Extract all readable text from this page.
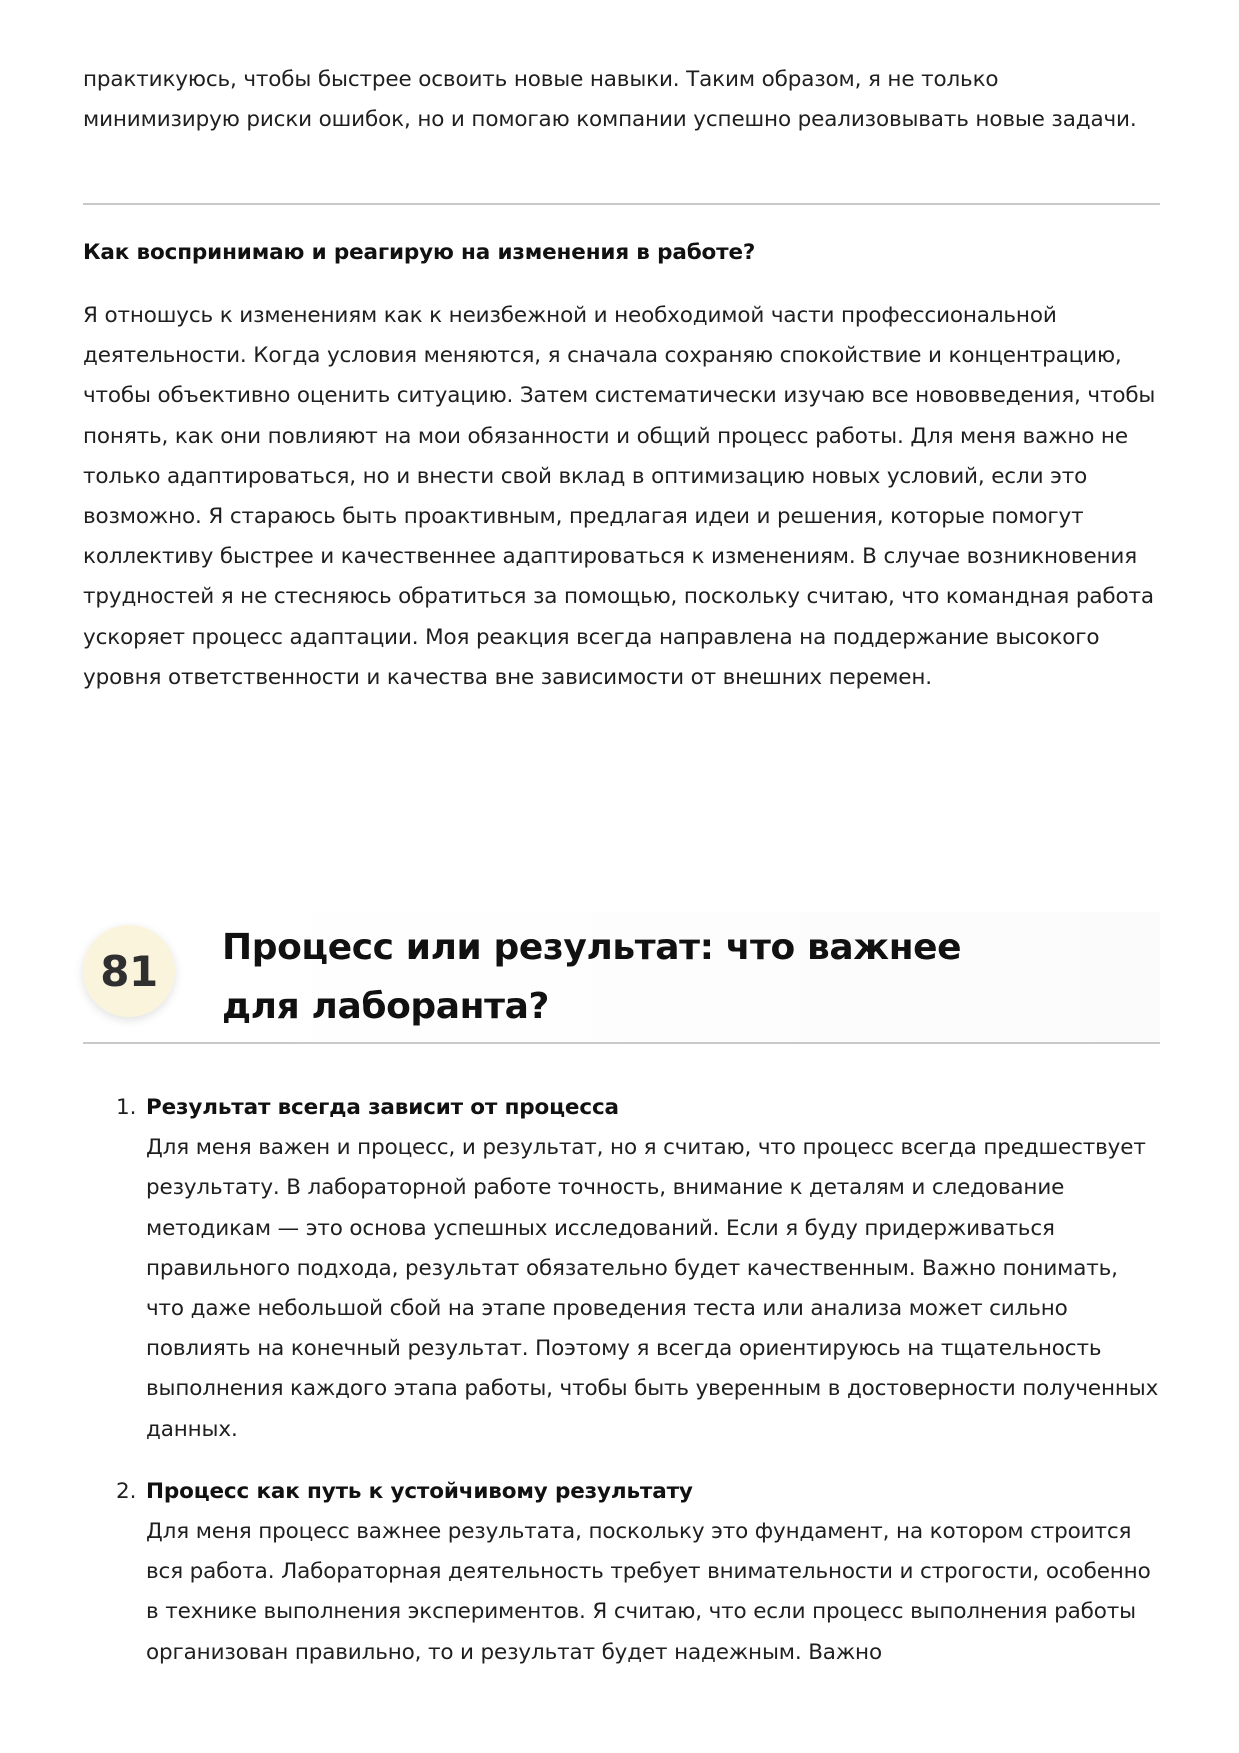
практикуюсь, чтобы быстрее освоить новые навыки. Таким образом, я не только минимизирую риски ошибок, но и помогаю компании успешно реализовывать новые задачи.

Как воспринимаю и реагирую на изменения в работе?

Я отношусь к изменениям как к неизбежной и необходимой части профессиональной деятельности. Когда условия меняются, я сначала сохраняю спокойствие и концентрацию, чтобы объективно оценить ситуацию. Затем систематически изучаю все нововведения, чтобы понять, как они повлияют на мои обязанности и общий процесс работы. Для меня важно не только адаптироваться, но и внести свой вклад в оптимизацию новых условий, если это возможно. Я стараюсь быть проактивным, предлагая идеи и решения, которые помогут коллективу быстрее и качественнее адаптироваться к изменениям. В случае возникновения трудностей я не стесняюсь обратиться за помощью, поскольку считаю, что командная работа ускоряет процесс адаптации. Моя реакция всегда направлена на поддержание высокого уровня ответственности и качества вне зависимости от внешних перемен.

81	Процесс или результат: что важнее для лаборанта?
1. Результат всегда зависит от процесса

Для меня важен и процесс, и результат, но я считаю, что процесс всегда предшествует результату. В лабораторной работе точность, внимание к деталям и следование методикам — это основа успешных исследований. Если я буду придерживаться правильного подхода, результат обязательно будет качественным. Важно понимать, что даже небольшой сбой на этапе проведения теста или анализа может сильно повлиять на конечный результат. Поэтому я всегда ориентируюсь на тщательность выполнения каждого этапа работы, чтобы быть уверенным в достоверности полученных данных.

2. Процесс как путь к устойчивому результату

Для меня процесс важнее результата, поскольку это фундамент, на котором строится вся работа. Лабораторная деятельность требует внимательности и строгости, особенно в технике выполнения экспериментов. Я считаю, что если процесс выполнения работы организован правильно, то и результат будет надежным. Важно
